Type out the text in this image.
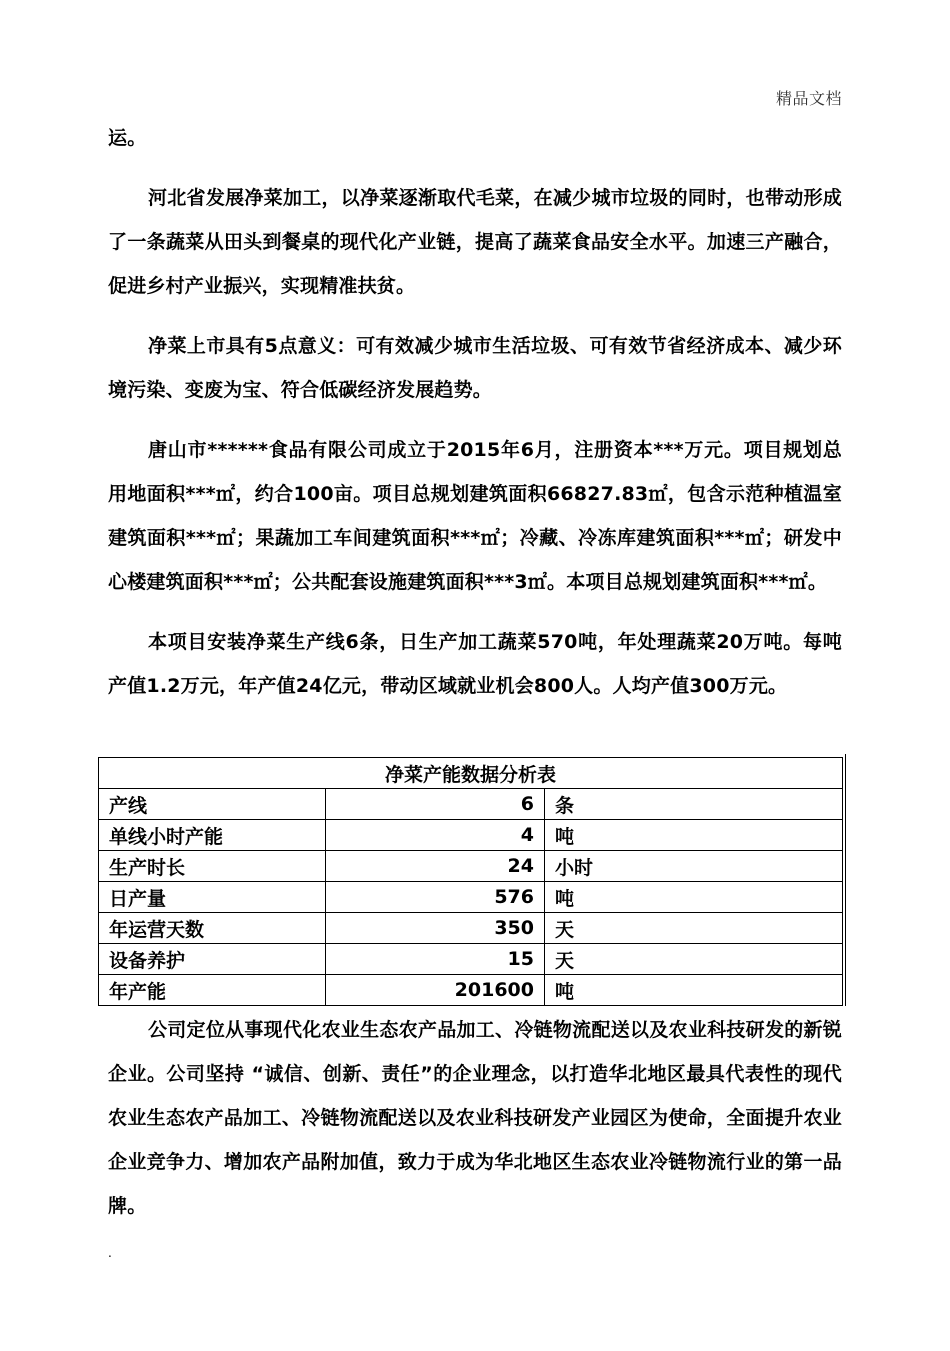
精品文档

运。

河北省发展净菜加工，以净菜逐渐取代毛菜，在减少城市垃圾的同时，也带动形成了一条蔬菜从田头到餐桌的现代化产业链，提高了蔬菜食品安全水平。加速三产融合，促进乡村产业振兴，实现精准扶贫。

净菜上市具有5点意义：可有效减少城市生活垃圾、可有效节省经济成本、减少环境污染、变废为宝、符合低碳经济发展趋势。

唐山市******食品有限公司成立于2015年6月，注册资本***万元。项目规划总用地面积***㎡，约合100亩。项目总规划建筑面积66827.83㎡，包含示范种植温室建筑面积***㎡；果蔬加工车间建筑面积***㎡；冷藏、冷冻库建筑面积***㎡；研发中心楼建筑面积***㎡；公共配套设施建筑面积***3㎡。本项目总规划建筑面积***㎡。

本项目安装净菜生产线6条，日生产加工蔬菜570吨，年处理蔬菜20万吨。每吨产值1.2万元，年产值24亿元，带动区域就业机会800人。人均产值300万元。

净菜产能数据分析表		
产线	6	条
单线小时产能	4	吨
生产时长	24	小时
日产量	576	吨
年运营天数	350	天
设备养护	15	天
年产能	201600	吨

公司定位从事现代化农业生态农产品加工、冷链物流配送以及农业科技研发的新锐企业。公司坚持 “诚信、创新、责任”的企业理念，以打造华北地区最具代表性的现代农业生态农产品加工、冷链物流配送以及农业科技研发产业园区为使命，全面提升农业企业竞争力、增加农产品附加值，致力于成为华北地区生态农业冷链物流行业的第一品牌。

.
